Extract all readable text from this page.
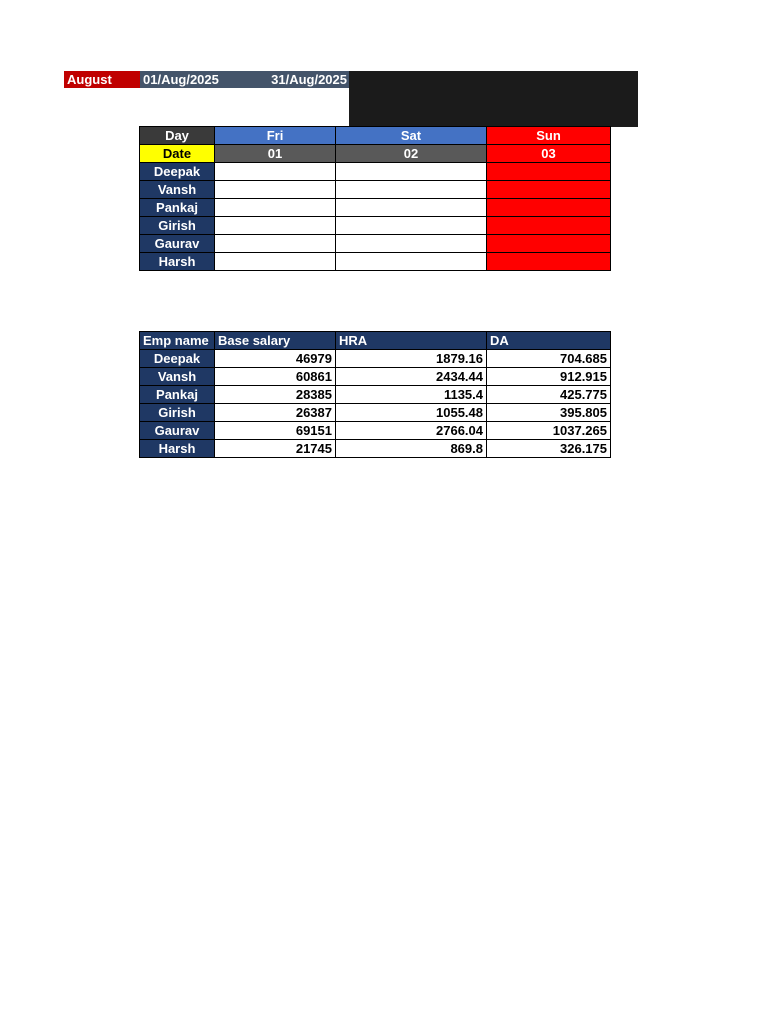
August	01/Aug/2025	31/Aug/2025
Day	Fri	Sat	Sun
Date	01	02	03
Deepak			
Vansh			
Pankaj			
Girish			
Gaurav			
Harsh			
Emp name	Base salary	HRA	DA
Deepak	46979	1879.16	704.685
Vansh	60861	2434.44	912.915
Pankaj	28385	1135.4	425.775
Girish	26387	1055.48	395.805
Gaurav	69151	2766.04	1037.265
Harsh	21745	869.8	326.175
